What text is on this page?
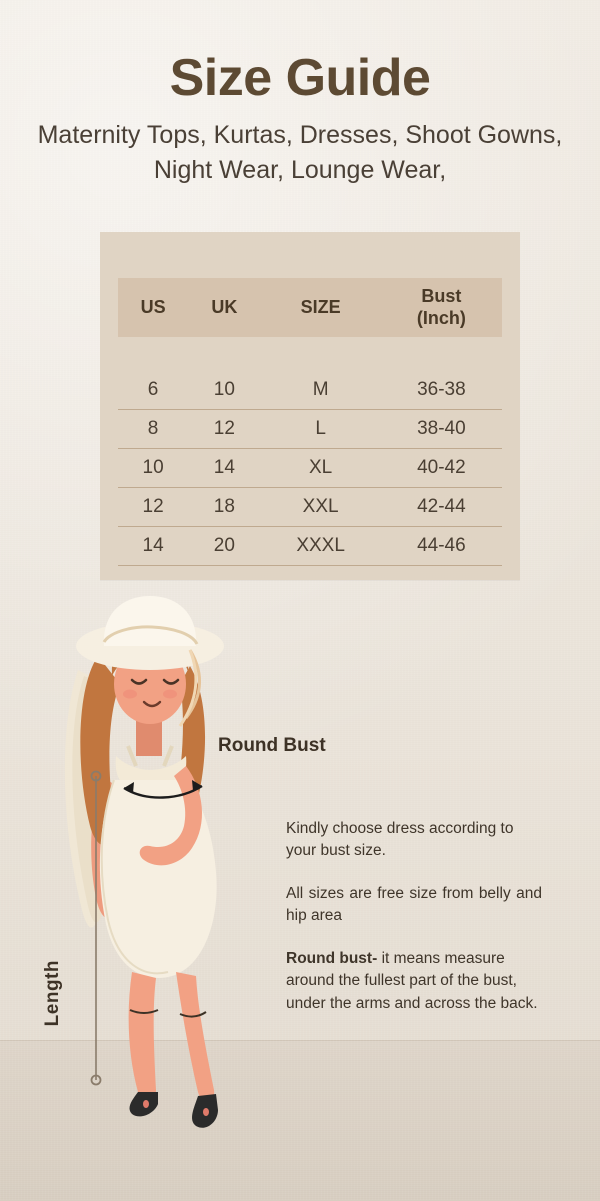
Size Guide
Maternity Tops, Kurtas, Dresses, Shoot Gowns, Night Wear, Lounge Wear,
US	UK	SIZE	Bust
(Inch)

6	10	M	36-38
8	12	L	38-40
10	14	XL	40-42
12	18	XXL	42-44
14	20	XXXL	44-46
Round Bust
Length

Kindly choose dress according to your bust size.

All sizes are free size from belly and hip area

Round bust- it means measure around the fullest part of the bust, under the arms and across the back.
